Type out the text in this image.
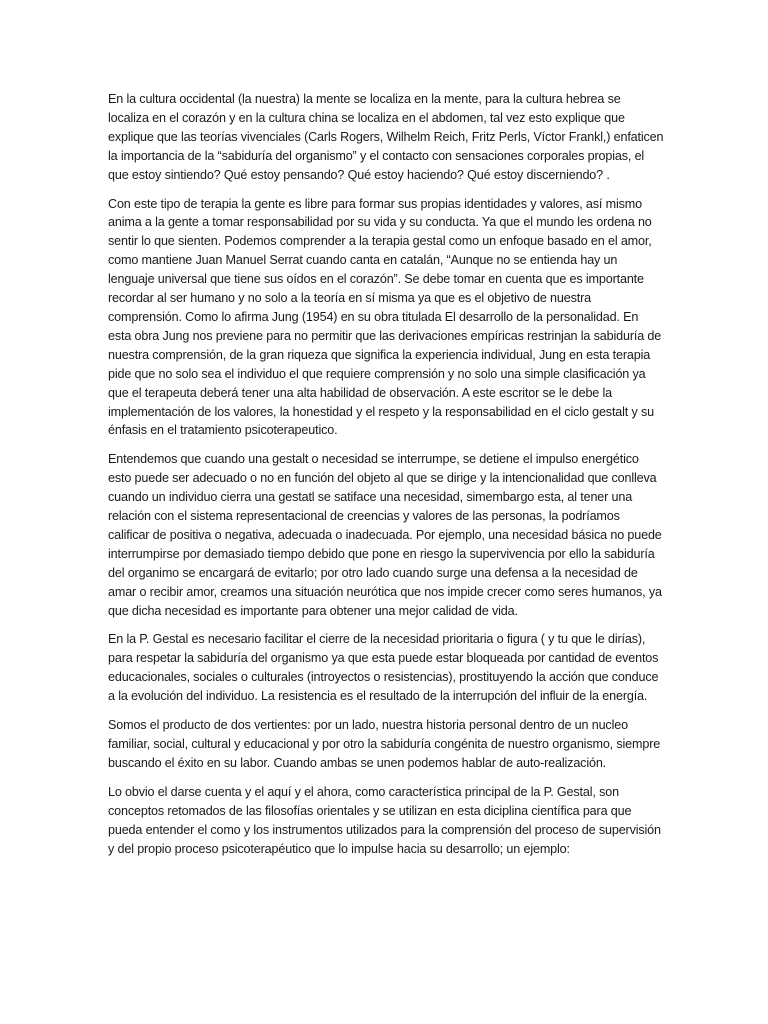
En la cultura occidental (la nuestra) la mente se localiza en la mente, para la cultura hebrea se localiza en el corazón y en la cultura china se localiza en el abdomen, tal vez esto explique que explique que las teorías vivenciales (Carls Rogers, Wilhelm Reich, Fritz Perls, Víctor Frankl,) enfaticen la importancia de la “sabiduría del organismo” y el contacto con sensaciones corporales propias, el que estoy sintiendo? Qué estoy pensando? Qué estoy haciendo? Qué estoy discerniendo? .

Con este tipo de terapia la gente es libre para formar sus propias identidades y valores, así mismo anima a la gente a tomar responsabilidad por su vida y su conducta. Ya que el mundo les ordena no sentir lo que sienten. Podemos comprender a la terapia gestal como un enfoque basado en el amor, como mantiene Juan Manuel Serrat cuando canta en catalán, “Aunque no se entienda hay un lenguaje universal que tiene sus oídos en el corazón”. Se debe tomar en cuenta que es importante recordar al ser humano y no solo a la teoría en sí misma ya que es el objetivo de nuestra comprensión. Como lo afirma Jung (1954) en su obra titulada El desarrollo de la personalidad. En esta obra Jung nos previene para no permitir que las derivaciones empíricas restrinjan la sabiduría de nuestra comprensión, de la gran riqueza que significa la experiencia individual, Jung en esta terapia pide que no solo sea el individuo el que requiere comprensión y no solo una simple clasificación ya que el terapeuta deberá tener una alta habilidad de observación. A este escritor se le debe la implementación de los valores, la honestidad y el respeto y la responsabilidad en el ciclo gestalt y su énfasis en el tratamiento psicoterapeutico.

Entendemos que cuando una gestalt o necesidad se interrumpe, se detiene el impulso energético esto puede ser adecuado o no en función del objeto al que se dirige y la intencionalidad que conlleva cuando un individuo cierra una gestatl se satiface una necesidad, simembargo esta, al tener una relación con el sistema representacional de creencias y valores de las personas, la podríamos calificar de positiva o negativa, adecuada o inadecuada. Por ejemplo, una necesidad básica no puede interrumpirse por demasiado tiempo debido que pone en riesgo la supervivencia por ello la sabiduría del organimo se encargará de evitarlo; por otro lado cuando surge una defensa a la necesidad de amar o recibir amor, creamos una situación neurótica que nos impide crecer como seres humanos, ya que dicha necesidad es importante para obtener una mejor calidad de vida.

En la P. Gestal es necesario facilitar el cierre de la necesidad prioritaria o figura ( y tu que le dirías), para respetar la sabiduría del organismo ya que esta puede estar bloqueada por cantidad de eventos educacionales, sociales o culturales (introyectos o resistencias), prostituyendo la acción que conduce a la evolución del individuo. La resistencia es el resultado de la interrupción del influir de la energía.

Somos el producto de dos vertientes: por un lado, nuestra historia personal dentro de un nucleo familiar, social, cultural y educacional y por otro la sabiduría congénita de nuestro organismo, siempre buscando el éxito en su labor. Cuando ambas se unen podemos hablar de auto-realización.

Lo obvio el darse cuenta y el aquí y el ahora, como característica principal de la P. Gestal, son conceptos retomados de las filosofías orientales y se utilizan en esta diciplina científica para que pueda entender el como y los instrumentos utilizados para la comprensión del proceso de supervisión y del propio proceso psicoterapéutico que lo impulse hacia su desarrollo; un ejemplo:
